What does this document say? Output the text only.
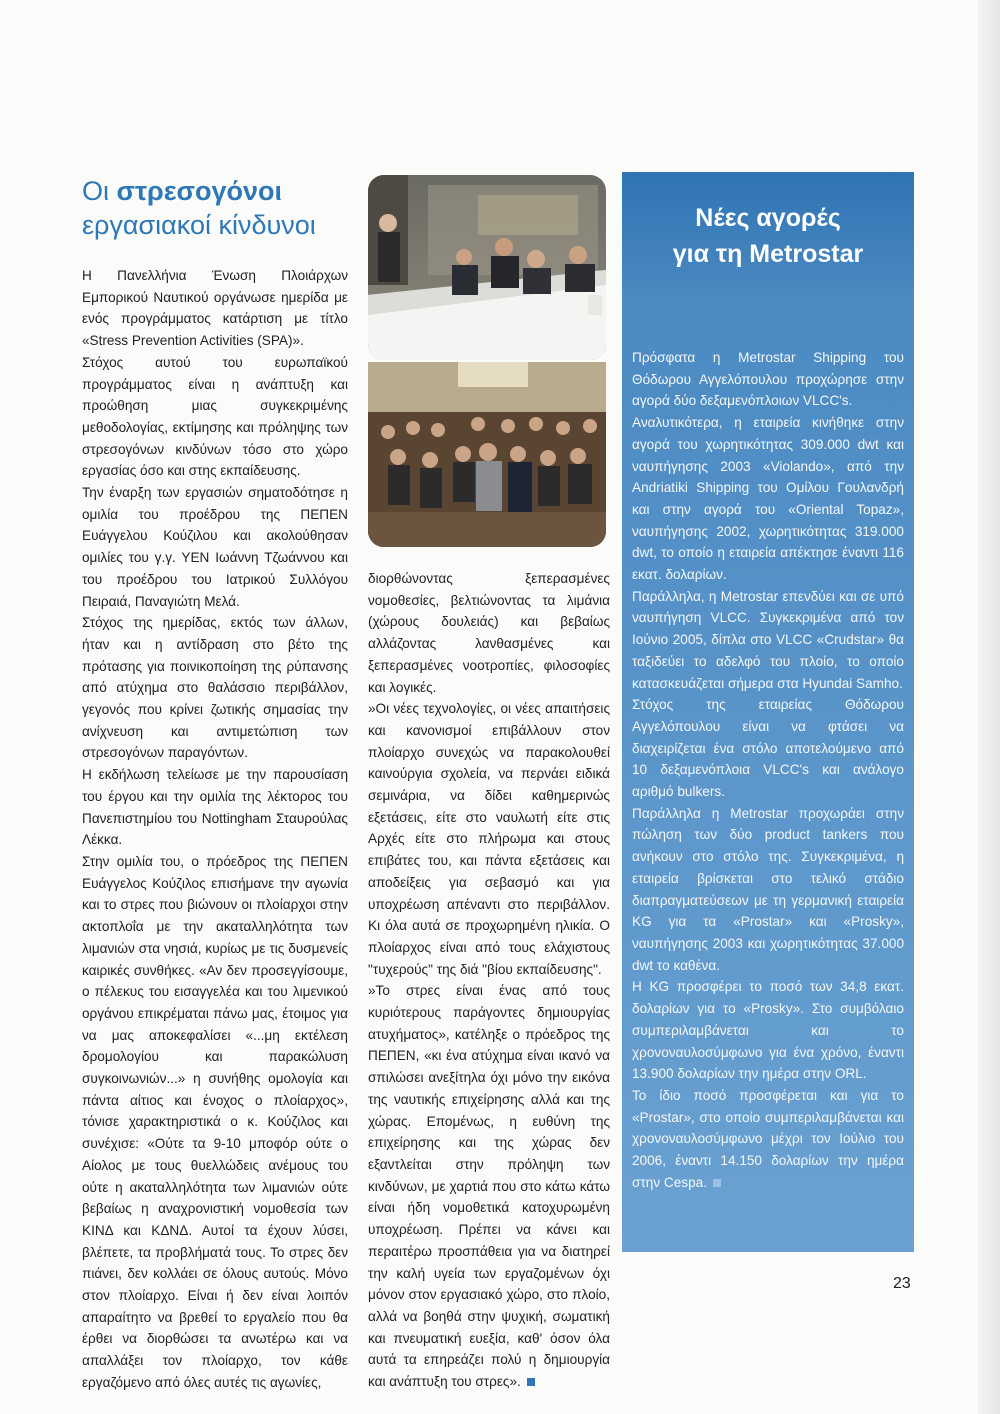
Οι στρεσογόνοι
εργασιακοί κίνδυνοι

Η Πανελλήνια Ένωση Πλοιάρχων Εμπορικού Ναυτικού οργάνωσε ημερίδα με ενός προγράμματος κατάρτιση με τίτλο «Stress Prevention Activities (SPA)».

Στόχος αυτού του ευρωπαϊκού προγράμματος είναι η ανάπτυξη και προώθηση μιας συγκεκριμένης μεθοδολογίας, εκτίμησης και πρόληψης των στρεσογόνων κινδύνων τόσο στο χώρο εργασίας όσο και στης εκπαίδευσης.

Την έναρξη των εργασιών σηματοδότησε η ομιλία του προέδρου της ΠΕΠΕΝ Ευάγγελου Κούζιλου και ακολούθησαν ομιλίες του γ.γ. ΥΕΝ Ιωάννη Τζωάννου και του προέδρου του Ιατρικού Συλλόγου Πειραιά, Παναγιώτη Μελά.

Στόχος της ημερίδας, εκτός των άλλων, ήταν και η αντίδραση στο βέτο της πρότασης για ποινικοποίηση της ρύπανσης από ατύχημα στο θαλάσσιο περιβάλλον, γεγονός που κρίνει ζωτικής σημασίας την ανίχνευση και αντιμετώπιση των στρεσογόνων παραγόντων.

Η εκδήλωση τελείωσε με την παρουσίαση του έργου και την ομιλία της λέκτορος του Πανεπιστημίου του Nottingham Σταυρούλας Λέκκα.

Στην ομιλία του, ο πρόεδρος της ΠΕΠΕΝ Ευάγγελος Κούζιλος επισήμανε την αγωνία και το στρες που βιώνουν οι πλοίαρχοι στην ακτοπλοΐα με την ακαταλληλότητα των λιμανιών στα νησιά, κυρίως με τις δυσμενείς καιρικές συνθήκες. «Αν δεν προσεγγίσουμε, ο πέλεκυς του εισαγγελέα και του λιμενικού οργάνου επικρέμαται πάνω μας, έτοιμος για να μας αποκεφαλίσει «...μη εκτέλεση δρομολογίου και παρακώλυση συγκοινωνιών...» η συνήθης ομολογία και πάντα αίτιος και ένοχος ο πλοίαρχος», τόνισε χαρακτηριστικά ο κ. Κούζιλος και συνέχισε: «Ούτε τα 9-10 μποφόρ ούτε ο Αίολος με τους θυελλώδεις ανέμους του ούτε η ακαταλληλότητα των λιμανιών ούτε βεβαίως η αναχρονιστική νομοθεσία των ΚΙΝΔ και ΚΔΝΔ. Αυτοί τα έχουν λύσει, βλέπετε, τα προβλήματά τους. Το στρες δεν πιάνει, δεν κολλάει σε όλους αυτούς. Μόνο στον πλοίαρχο. Είναι ή δεν είναι λοιπόν απαραίτητο να βρεθεί το εργαλείο που θα έρθει να διορθώσει τα ανωτέρω και να απαλλάξει τον πλοίαρχο, τον κάθε εργαζόμενο από όλες αυτές τις αγωνίες,

διορθώνοντας ξεπερασμένες νομοθεσίες, βελτιώνοντας τα λιμάνια (χώρους δουλειάς) και βεβαίως αλλάζοντας λανθασμένες και ξεπερασμένες νοοτροπίες, φιλοσοφίες και λογικές.

»Οι νέες τεχνολογίες, οι νέες απαιτήσεις και κανονισμοί επιβάλλουν στον πλοίαρχο συνεχώς να παρακολουθεί καινούργια σχολεία, να περνάει ειδικά σεμινάρια, να δίδει καθημερινώς εξετάσεις, είτε στο ναυλωτή είτε στις Αρχές είτε στο πλήρωμα και στους επιβάτες του, και πάντα εξετάσεις και αποδείξεις για σεβασμό και για υποχρέωση απέναντι στο περιβάλλον. Κι όλα αυτά σε προχωρημένη ηλικία. Ο πλοίαρχος είναι από τους ελάχιστους "τυχερούς" της διά "βίου εκπαίδευσης".

»Το στρες είναι ένας από τους κυριότερους παράγοντες δημιουργίας ατυχήματος», κατέληξε ο πρόεδρος της ΠΕΠΕΝ, «κι ένα ατύχημα είναι ικανό να σπιλώσει ανεξίτηλα όχι μόνο την εικόνα της ναυτικής επιχείρησης αλλά και της χώρας. Επομένως, η ευθύνη της επιχείρησης και της χώρας δεν εξαντλείται στην πρόληψη των κινδύνων, με χαρτιά που στο κάτω κάτω είναι ήδη νομοθετικά κατοχυρωμένη υποχρέωση. Πρέπει να κάνει και περαιτέρω προσπάθεια για να διατηρεί την καλή υγεία των εργαζομένων όχι μόνον στον εργασιακό χώρο, στο πλοίο, αλλά να βοηθά στην ψυχική, σωματική και πνευματική ευεξία, καθ' όσον όλα αυτά τα επηρεάζει πολύ η δημιουργία και ανάπτυξη του στρες».

Νέες αγορές
για τη Metrostar

Πρόσφατα η Metrostar Shipping του Θόδωρου Αγγελόπουλου προχώρησε στην αγορά δύο δεξαμενόπλοιων VLCC's.

Αναλυτικότερα, η εταιρεία κινήθηκε στην αγορά του χωρητικότητας 309.000 dwt και ναυπήγησης 2003 «Violando», από την Andriatiki Shipping του Ομίλου Γουλανδρή και στην αγορά του «Oriental Topaz», ναυπήγησης 2002, χωρητικότητας 319.000 dwt, το οποίο η εταιρεία απέκτησε έναντι 116 εκατ. δολαρίων.

Παράλληλα, η Metrostar επενδύει και σε υπό ναυπήγηση VLCC. Συγκεκριμένα από τον Ιούνιο 2005, δίπλα στο VLCC «Crudstar» θα ταξιδεύει το αδελφό του πλοίο, το οποίο κατασκευάζεται σήμερα στα Hyundai Samho.

Στόχος της εταιρείας Θόδωρου Αγγελόπουλου είναι να φτάσει να διαχειρίζεται ένα στόλο αποτελούμενο από 10 δεξαμενόπλοια VLCC's και ανάλογο αριθμό bulkers.

Παράλληλα η Metrostar προχωράει στην πώληση των δύο product tankers που ανήκουν στο στόλο της. Συγκεκριμένα, η εταιρεία βρίσκεται στο τελικό στάδιο διαπραγματεύσεων με τη γερμανική εταιρεία KG για τα «Prostar» και «Prosky», ναυπήγησης 2003 και χωρητικότητας 37.000 dwt το καθένα.

Η KG προσφέρει το ποσό των 34,8 εκατ. δολαρίων για το «Prosky». Στο συμβόλαιο συμπεριλαμβάνεται και το χρονοναυλοσύμφωνο για ένα χρόνο, έναντι 13.900 δολαρίων την ημέρα στην ORL.

Το ίδιο ποσό προσφέρεται και για το «Prostar», στο οποίο συμπεριλαμβάνεται και χρονοναυλοσύμφωνο μέχρι τον Ιούλιο του 2006, έναντι 14.150 δολαρίων την ημέρα στην Cespa.

23
